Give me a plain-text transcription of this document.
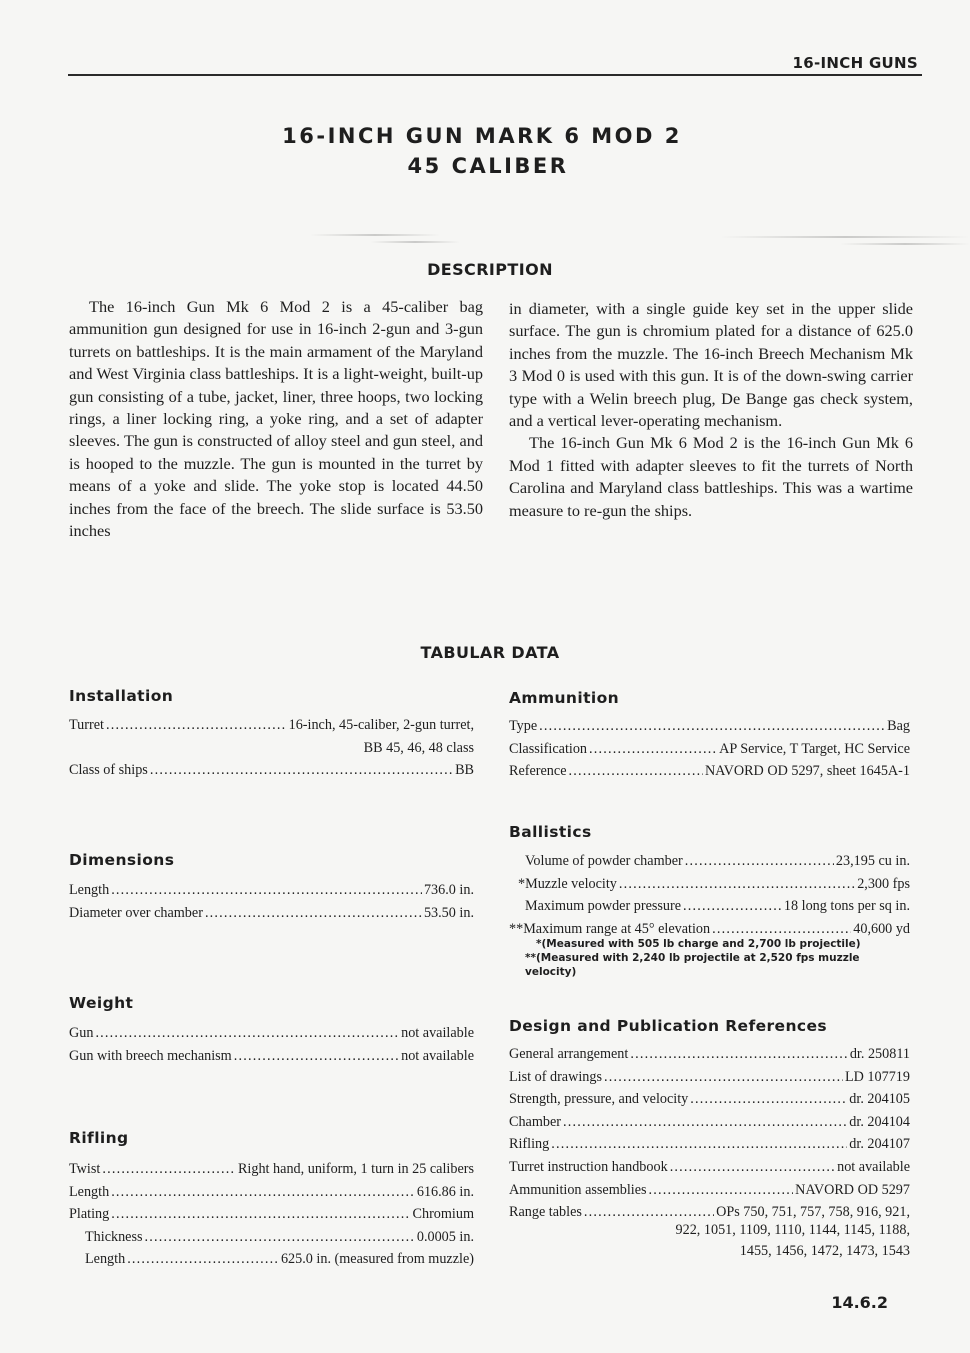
16-INCH GUNS
16-INCH GUN MARK 6 MOD 2
45 CALIBER
DESCRIPTION

The 16-inch Gun Mk 6 Mod 2 is a 45-caliber bag ammunition gun designed for use in 16-inch 2-gun and 3-gun turrets on battleships. It is the main armament of the Maryland and West Virginia class battleships. It is a light-weight, built-up gun consisting of a tube, jacket, liner, three hoops, two locking rings, a liner locking ring, a yoke ring, and a set of adapter sleeves. The gun is constructed of alloy steel and gun steel, and is hooped to the muzzle. The gun is mounted in the turret by means of a yoke and slide. The yoke stop is located 44.50 inches from the face of the breech. The slide surface is 53.50 inches

in diameter, with a single guide key set in the upper slide surface. The gun is chromium plated for a distance of 625.0 inches from the muzzle. The 16-inch Breech Mechanism Mk 3 Mod 0 is used with this gun. It is of the down-swing carrier type with a Welin breech plug, De Bange gas check system, and a vertical lever-operating mechanism.

The 16-inch Gun Mk 6 Mod 2 is the 16-inch Gun Mk 6 Mod 1 fitted with adapter sleeves to fit the turrets of North Carolina and Maryland class battleships. This was a wartime measure to re-gun the ships.

TABULAR DATA
Installation
Turret .....	16-inch, 45-caliber, 2-gun turret,
BB 45, 46, 48 class
Class of ships .....	BB
Dimensions
Length .....	736.0 in.
Diameter over chamber .....	53.50 in.
Weight
Gun .....	not available
Gun with breech mechanism .....	not available
Rifling
Twist .....	Right hand, uniform, 1 turn in 25 calibers
Length .....	616.86 in.
Plating .....	Chromium
Thickness .....	0.0005 in.
Length .....	625.0 in. (measured from muzzle)
Ammunition
Type .....	Bag
Classification .....	AP Service, T Target, HC Service
Reference .....	NAVORD OD 5297, sheet 1645A-1
Ballistics
Volume of powder chamber .....	23,195 cu in.
*Muzzle velocity .....	2,300 fps
Maximum powder pressure .....	18 long tons per sq in.
**Maximum range at 45° elevation .....	40,600 yd
*(Measured with 505 lb charge and 2,700 lb projectile)
**(Measured with 2,240 lb projectile at 2,520 fps muzzle velocity)
Design and Publication References
General arrangement .....	dr. 250811
List of drawings .....	LD 107719
Strength, pressure, and velocity .....	dr. 204105
Chamber .....	dr. 204104
Rifling .....	dr. 204107
Turret instruction handbook .....	not available
Ammunition assemblies .....	NAVORD OD 5297
Range tables .....	OPs 750, 751, 757, 758, 916, 921,
922, 1051, 1109, 1110, 1144, 1145, 1188,
1455, 1456, 1472, 1473, 1543
14.6.2
